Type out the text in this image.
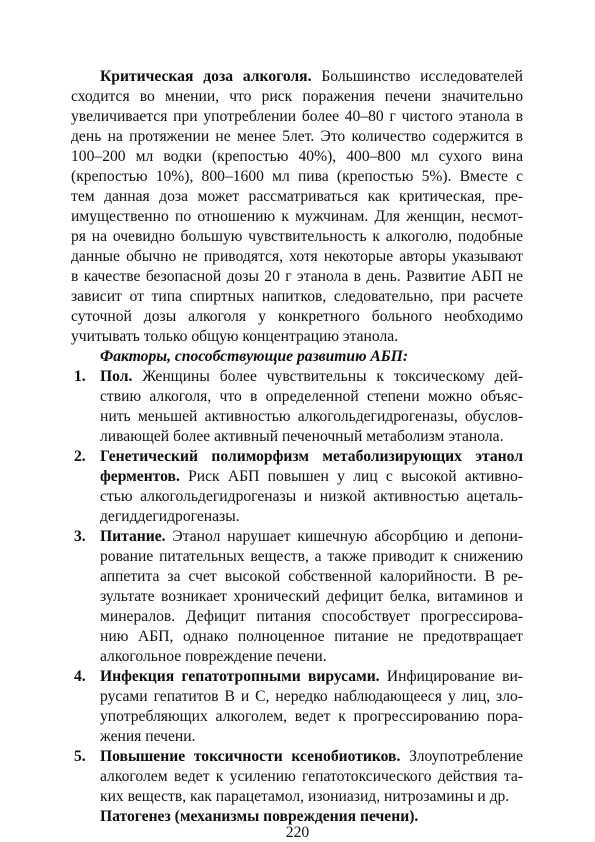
Критическая доза алкоголя. Большинство исследователей
сходится во мнении, что риск поражения печени значительно
увеличивается при употреблении более 40–80 г чистого этанола в
день на протяжении не менее 5лет. Это количество содержится в
100–200 мл водки (крепостью 40%), 400–800 мл сухого вина
(крепостью 10%), 800–1600 мл пива (крепостью 5%). Вместе с
тем данная доза может рассматриваться как критическая, пре-
имущественно по отношению к мужчинам. Для женщин, несмот-
ря на очевидно большую чувствительность к алкоголю, подобные
данные обычно не приводятся, хотя некоторые авторы указывают
в качестве безопасной дозы 20 г этанола в день. Развитие АБП не
зависит от типа спиртных напитков, следовательно, при расчете
суточной дозы алкоголя у конкретного больного необходимо
учитывать только общую концентрацию этанола.
Факторы, способствующие развитию АБП:
1. Пол. Женщины более чувствительны к токсическому дей-
ствию алкоголя, что в определенной степени можно объяс-
нить меньшей активностью алкогольдегидрогеназы, обуслов-
ливающей более активный печеночный метаболизм этанола.
2. Генетический полиморфизм метаболизирующих этанол
ферментов. Риск АБП повышен у лиц с высокой активно-
стью алкогольдегидрогеназы и низкой активностью ацеталь-
дегиддегидрогеназы.
3. Питание. Этанол нарушает кишечную абсорбцию и депони-
рование питательных веществ, а также приводит к снижению
аппетита за счет высокой собственной калорийности. В ре-
зультате возникает хронический дефицит белка, витаминов и
минералов. Дефицит питания способствует прогрессирова-
нию АБП, однако полноценное питание не предотвращает
алкогольное повреждение печени.
4. Инфекция гепатотропными вирусами. Инфицирование ви-
русами гепатитов В и С, нередко наблюдающееся у лиц, зло-
употребляющих алкоголем, ведет к прогрессированию пора-
жения печени.
5. Повышение токсичности ксенобиотиков. Злоупотребление
алкоголем ведет к усилению гепатотоксического действия та-
ких веществ, как парацетамол, изониазид, нитрозамины и др.
Патогенез (механизмы повреждения печени).
220
